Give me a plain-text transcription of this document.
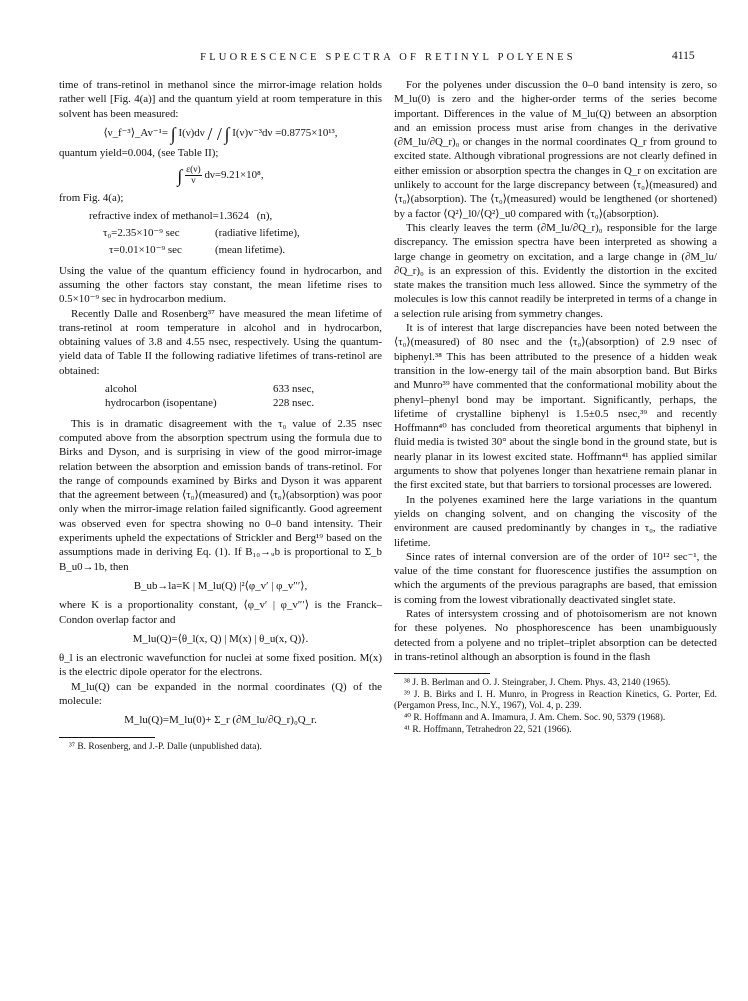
FLUORESCENCE SPECTRA OF RETINYL POLYENES	4115

time of trans-retinol in methanol since the mirror-image relation holds rather well [Fig. 4(a)] and the quantum yield at room temperature in this solvent has been measured:

⟨ν_f⁻³⟩_Av⁻¹= ∫ I(ν)dν / / ∫ I(ν)ν⁻³dν =0.8775×10¹³,
quantum yield=0.004, (see Table II);
∫ $\frac{\varepsilon(\nu)}{\nu} d\nu=9.21\times 10^8$,
from Fig. 4(a);
refractive index of methanol=1.3624 (n),
τ₀=2.35×10⁻⁹ sec	(radiative lifetime),
τ=0.01×10⁻⁹ sec	(mean lifetime).

Using the value of the quantum efficiency found in hydrocarbon, and assuming the other factors stay constant, the mean lifetime rises to 0.5×10⁻⁹ sec in hydrocarbon medium.

Recently Dalle and Rosenberg³⁷ have measured the mean lifetime of trans-retinol at room temperature in alcohol and in hydrocarbon, obtaining values of 3.8 and 4.55 nsec, respectively. Using the quantum-yield data of Table II the following radiative lifetimes of trans-retinol are obtained:

alcohol	633 nsec,
hydrocarbon (isopentane)	228 nsec.

This is in dramatic disagreement with the τ₀ value of 2.35 nsec computed above from the absorption spectrum using the formula due to Birks and Dyson, and is surprising in view of the good mirror-image relation between the absorption and emission bands of trans-retinol. For the range of compounds examined by Birks and Dyson it was apparent that the agreement between ⟨τ₀⟩(measured) and ⟨τ₀⟩(absorption) was poor only when the mirror-image relation failed significantly. Good agreement was observed even for spectra showing no 0–0 band intensity. Their experiments upheld the expectations of Strickler and Berg¹⁹ based on the assumptions made in deriving Eq. (1). If B₁₀→ᵤb is proportional to Σ_b B_u0→1b, then

B_ub→la=K | M_lu(Q) |²⟨φ_v′ | φ_v″′⟩,

where K is a proportionality constant, ⟨φ_v′ | φ_v″′⟩ is the Franck–Condon overlap factor and

M_lu(Q)=⟨θ_l(x, Q) | M(x) | θ_u(x, Q)⟩.

θ_l is an electronic wavefunction for nuclei at some fixed position. M(x) is the electric dipole operator for the electrons.

M_lu(Q) can be expanded in the normal coordinates (Q) of the molecule:

M_lu(Q)=M_lu(0)+ Σ_r (∂M_lu/∂Q_r)₀Q_r.

³⁷ B. Rosenberg, and J.-P. Dalle (unpublished data).

For the polyenes under discussion the 0–0 band intensity is zero, so M_lu(0) is zero and the higher-order terms of the series become important. Differences in the value of M_lu(Q) between an absorption and an emission process must arise from changes in the derivative (∂M_lu/∂Q_r)₀ or changes in the normal coordinates Q_r from ground to excited state. Although vibrational progressions are not clearly defined in either emission or absorption spectra the changes in Q_r on excitation are unlikely to account for the large discrepancy between ⟨τ₀⟩(measured) and ⟨τ₀⟩(absorption). The ⟨τ₀⟩(measured) would be lengthened (or shortened) by a factor ⟨Q²⟩_l0/⟨Q²⟩_u0 compared with ⟨τ₀⟩(absorption).

This clearly leaves the term (∂M_lu/∂Q_r)₀ responsible for the large discrepancy. The emission spectra have been interpreted as showing a large change in geometry on excitation, and a large change in (∂M_lu/∂Q_r)₀ is an expression of this. Evidently the distortion in the excited state makes the transition much less allowed. Since the symmetry of the molecules is low this cannot readily be interpreted in terms of a change in a selection rule arising from symmetry changes.

It is of interest that large discrepancies have been noted between the ⟨τ₀⟩(measured) of 80 nsec and the ⟨τ₀⟩(absorption) of 2.9 nsec of biphenyl.³⁸ This has been attributed to the presence of a hidden weak transition in the low-energy tail of the main absorption band. But Birks and Munro³⁹ have commented that the conformational mobility about the phenyl–phenyl bond may be important. Significantly, perhaps, the lifetime of crystalline biphenyl is 1.5±0.5 nsec,³⁹ and recently Hoffmann⁴⁰ has concluded from theoretical arguments that biphenyl in fluid media is twisted 30° about the single bond in the ground state, but is nearly planar in its lowest excited state. Hoffmann⁴¹ has applied similar arguments to show that polyenes longer than hexatriene remain planar in the first excited state, but that barriers to torsional processes are lowered.

In the polyenes examined here the large variations in the quantum yields on changing solvent, and on changing the viscosity of the environment are caused predominantly by changes in τ₀, the radiative lifetime.

Since rates of internal conversion are of the order of 10¹² sec⁻¹, the value of the time constant for fluorescence justifies the assumption on which the arguments of the previous paragraphs are based, that emission is coming from the lowest vibrationally deactivated singlet state.

Rates of intersystem crossing and of photoisomerism are not known for these polyenes. No phosphorescence has been unambiguously detected from a polyene and no triplet–triplet absorption can be detected in trans-retinol although an absorption is found in the flash

³⁸ J. B. Berlman and O. J. Steingraber, J. Chem. Phys. 43, 2140 (1965).

³⁹ J. B. Birks and I. H. Munro, in Progress in Reaction Kinetics, G. Porter, Ed. (Pergamon Press, Inc., N.Y., 1967), Vol. 4, p. 239.

⁴⁰ R. Hoffmann and A. Imamura, J. Am. Chem. Soc. 90, 5379 (1968).

⁴¹ R. Hoffmann, Tetrahedron 22, 521 (1966).
